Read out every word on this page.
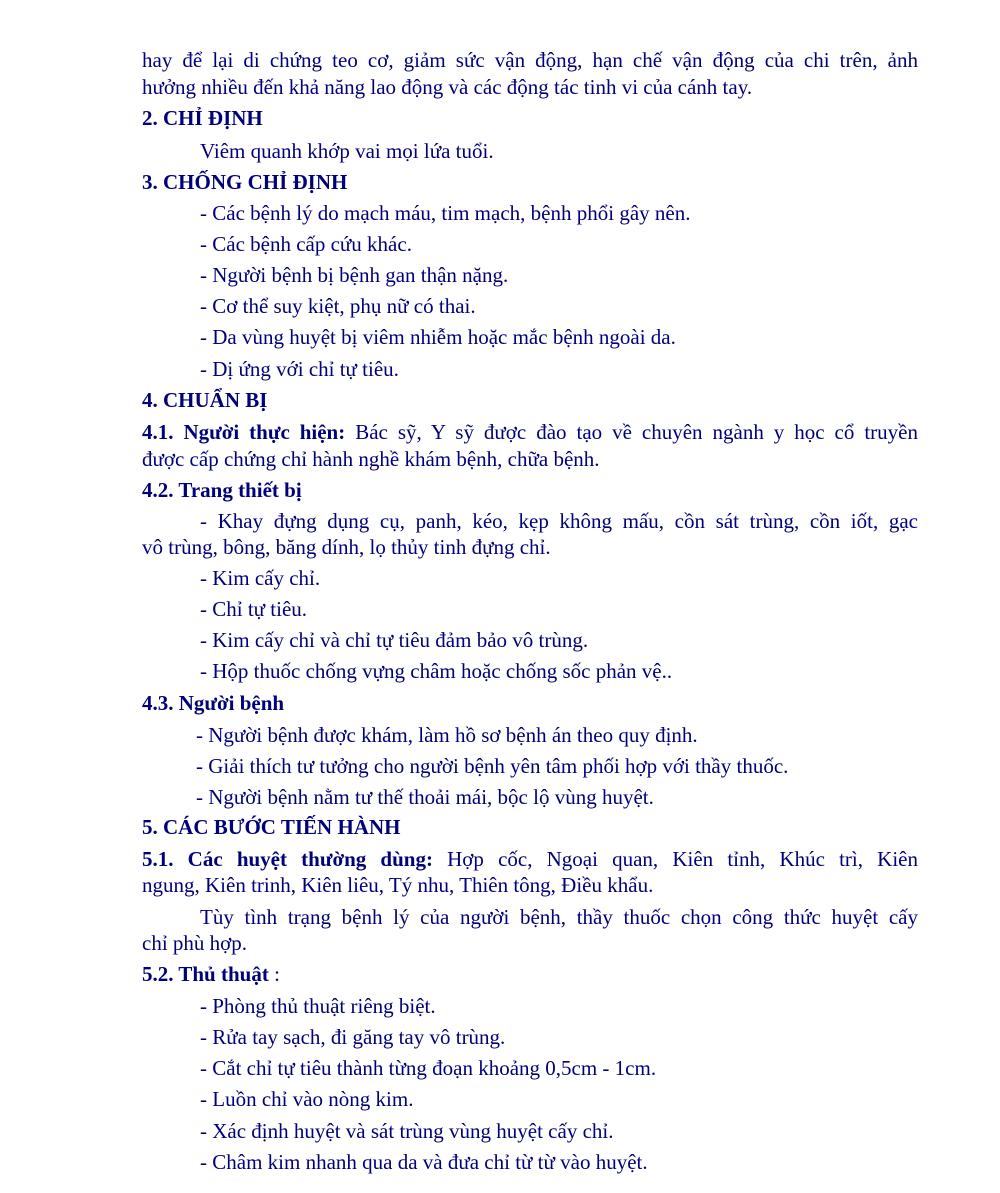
hay để lại di chứng teo cơ, giảm sức vận động, hạn chế vận động của chi trên, ảnh
hưởng nhiều đến khả năng lao động và các động tác tinh vi của cánh tay.
2. CHỈ ĐỊNH
Viêm quanh khớp vai mọi lứa tuổi.
3. CHỐNG CHỈ ĐỊNH
- Các bệnh lý do mạch máu, tim mạch, bệnh phổi gây nên.
- Các bệnh cấp cứu khác.
- Người bệnh bị bệnh gan thận nặng.
- Cơ thể suy kiệt, phụ nữ có thai.
- Da vùng huyệt bị viêm nhiễm hoặc mắc bệnh ngoài da.
- Dị ứng với chỉ tự tiêu.
4. CHUẨN BỊ
4.1. Người thực hiện: Bác sỹ, Y sỹ được đào tạo về chuyên ngành y học cổ truyền
được cấp chứng chỉ hành nghề khám bệnh, chữa bệnh.
4.2. Trang thiết bị
- Khay đựng dụng cụ, panh, kéo, kẹp không mấu, cồn sát trùng, cồn iốt, gạc
vô trùng, bông, băng dính, lọ thủy tinh đựng chỉ.
- Kim cấy chỉ.
- Chỉ tự tiêu.
- Kim cấy chỉ và chỉ tự tiêu đảm bảo vô trùng.
- Hộp thuốc chống vựng châm hoặc chống sốc phản vệ..
4.3. Người bệnh
- Người bệnh được khám, làm hồ sơ bệnh án theo quy định.
- Giải thích tư tưởng cho người bệnh yên tâm phối hợp với thầy thuốc.
- Người bệnh nằm tư thế thoải mái, bộc lộ vùng huyệt.
5. CÁC BƯỚC TIẾN HÀNH
5.1. Các huyệt thường dùng: Hợp cốc, Ngoại quan, Kiên tỉnh, Khúc trì, Kiên
ngung, Kiên trinh, Kiên liêu, Tý nhu, Thiên tông, Điều khẩu.
Tùy tình trạng bệnh lý của người bệnh, thầy thuốc chọn công thức huyệt cấy
chỉ phù hợp.
5.2. Thủ thuật :
- Phòng thủ thuật riêng biệt.
- Rửa tay sạch, đi găng tay vô trùng.
- Cắt chỉ tự tiêu thành từng đoạn khoảng 0,5cm - 1cm.
- Luồn chỉ vào nòng kim.
- Xác định huyệt và sát trùng vùng huyệt cấy chỉ.
- Châm kim nhanh qua da và đưa chỉ từ từ vào huyệt.
